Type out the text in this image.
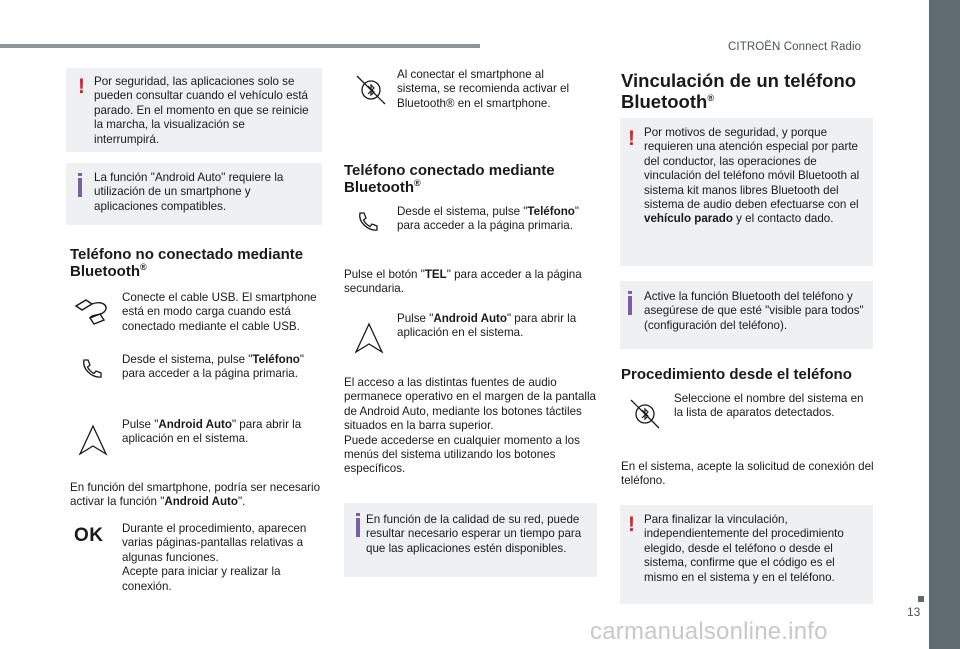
CITROËN Connect Radio
13
carmanualsonline.info
! Por seguridad, las aplicaciones solo se pueden consultar cuando el vehículo está parado. En el momento en que se reinicie la marcha, la visualización se interrumpirá.

La función "Android Auto" requiere la utilización de un smartphone y aplicaciones compatibles.

Teléfono no conectado mediante Bluetooth®

Conecte el cable USB. El smartphone está en modo carga cuando está conectado mediante el cable USB.

Desde el sistema, pulse "Teléfono" para acceder a la página primaria.

Pulse "Android Auto" para abrir la aplicación en el sistema.

En función del smartphone, podría ser necesario activar la función "Android Auto".

OK Durante el procedimiento, aparecen varias páginas-pantallas relativas a algunas funciones.
Acepte para iniciar y realizar la conexión.

Al conectar el smartphone al sistema, se recomienda activar el Bluetooth® en el smartphone.

Teléfono conectado mediante Bluetooth®

Desde el sistema, pulse "Teléfono" para acceder a la página primaria.

Pulse el botón "TEL" para acceder a la página secundaria.

Pulse "Android Auto" para abrir la aplicación en el sistema.

El acceso a las distintas fuentes de audio permanece operativo en el margen de la pantalla de Android Auto, mediante los botones táctiles situados en la barra superior.
Puede accederse en cualquier momento a los menús del sistema utilizando los botones específicos.

En función de la calidad de su red, puede resultar necesario esperar un tiempo para que las aplicaciones estén disponibles.

Vinculación de un teléfono Bluetooth®
! Por motivos de seguridad, y porque requieren una atención especial por parte del conductor, las operaciones de vinculación del teléfono móvil Bluetooth al sistema kit manos libres Bluetooth del sistema de audio deben efectuarse con el vehículo parado y el contacto dado.

Active la función Bluetooth del teléfono y asegúrese de que esté "visible para todos" (configuración del teléfono).

Procedimiento desde el teléfono

Seleccione el nombre del sistema en la lista de aparatos detectados.

En el sistema, acepte la solicitud de conexión del teléfono.

! Para finalizar la vinculación, independientemente del procedimiento elegido, desde el teléfono o desde el sistema, confirme que el código es el mismo en el sistema y en el teléfono.
